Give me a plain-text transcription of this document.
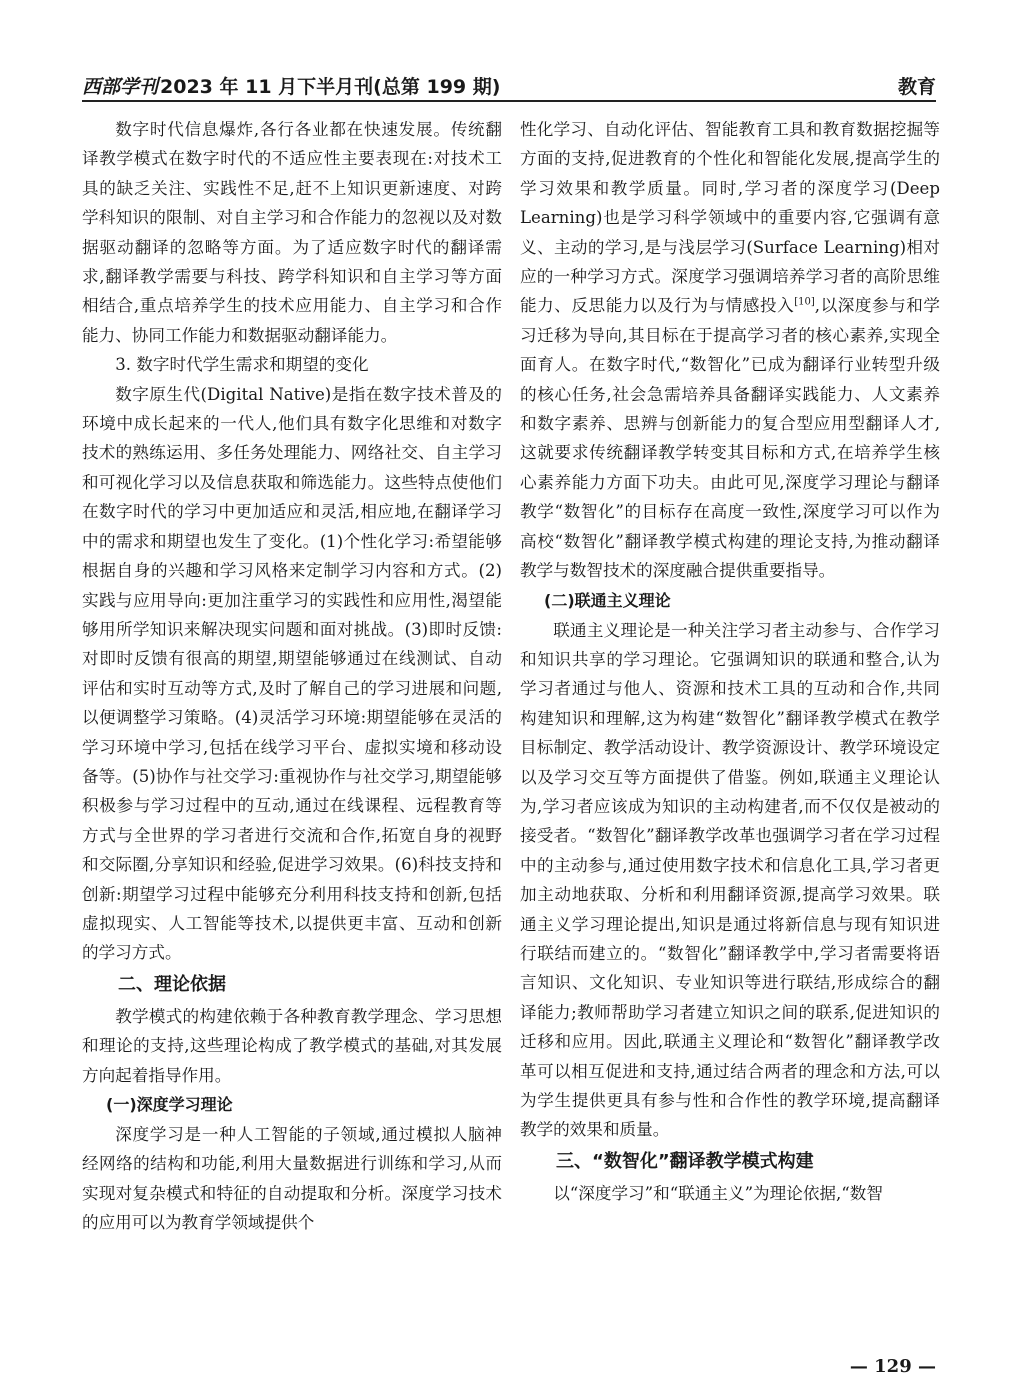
西部学刊 2023 年 11 月下半月刊(总第 199 期)	教育

数字时代信息爆炸,各行各业都在快速发展。传统翻译教学模式在数字时代的不适应性主要表现在:对技术工具的缺乏关注、实践性不足,赶不上知识更新速度、对跨学科知识的限制、对自主学习和合作能力的忽视以及对数据驱动翻译的忽略等方面。为了适应数字时代的翻译需求,翻译教学需要与科技、跨学科知识和自主学习等方面相结合,重点培养学生的技术应用能力、自主学习和合作能力、协同工作能力和数据驱动翻译能力。

3. 数字时代学生需求和期望的变化

数字原生代(Digital Native)是指在数字技术普及的环境中成长起来的一代人,他们具有数字化思维和对数字技术的熟练运用、多任务处理能力、网络社交、自主学习和可视化学习以及信息获取和筛选能力。这些特点使他们在数字时代的学习中更加适应和灵活,相应地,在翻译学习中的需求和期望也发生了变化。(1)个性化学习:希望能够根据自身的兴趣和学习风格来定制学习内容和方式。(2)实践与应用导向:更加注重学习的实践性和应用性,渴望能够用所学知识来解决现实问题和面对挑战。(3)即时反馈:对即时反馈有很高的期望,期望能够通过在线测试、自动评估和实时互动等方式,及时了解自己的学习进展和问题,以便调整学习策略。(4)灵活学习环境:期望能够在灵活的学习环境中学习,包括在线学习平台、虚拟实境和移动设备等。(5)协作与社交学习:重视协作与社交学习,期望能够积极参与学习过程中的互动,通过在线课程、远程教育等方式与全世界的学习者进行交流和合作,拓宽自身的视野和交际圈,分享知识和经验,促进学习效果。(6)科技支持和创新:期望学习过程中能够充分利用科技支持和创新,包括虚拟现实、人工智能等技术,以提供更丰富、互动和创新的学习方式。

二、理论依据

教学模式的构建依赖于各种教育教学理念、学习思想和理论的支持,这些理论构成了教学模式的基础,对其发展方向起着指导作用。

(一)深度学习理论

深度学习是一种人工智能的子领域,通过模拟人脑神经网络的结构和功能,利用大量数据进行训练和学习,从而实现对复杂模式和特征的自动提取和分析。深度学习技术的应用可以为教育学领域提供个

性化学习、自动化评估、智能教育工具和教育数据挖掘等方面的支持,促进教育的个性化和智能化发展,提高学生的学习效果和教学质量。同时,学习者的深度学习(Deep Learning)也是学习科学领域中的重要内容,它强调有意义、主动的学习,是与浅层学习(Surface Learning)相对应的一种学习方式。深度学习强调培养学习者的高阶思维能力、反思能力以及行为与情感投入[10],以深度参与和学习迁移为导向,其目标在于提高学习者的核心素养,实现全面育人。在数字时代,“数智化”已成为翻译行业转型升级的核心任务,社会急需培养具备翻译实践能力、人文素养和数字素养、思辨与创新能力的复合型应用型翻译人才,这就要求传统翻译教学转变其目标和方式,在培养学生核心素养能力方面下功夫。由此可见,深度学习理论与翻译教学“数智化”的目标存在高度一致性,深度学习可以作为高校“数智化”翻译教学模式构建的理论支持,为推动翻译教学与数智技术的深度融合提供重要指导。

(二)联通主义理论

联通主义理论是一种关注学习者主动参与、合作学习和知识共享的学习理论。它强调知识的联通和整合,认为学习者通过与他人、资源和技术工具的互动和合作,共同构建知识和理解,这为构建“数智化”翻译教学模式在教学目标制定、教学活动设计、教学资源设计、教学环境设定以及学习交互等方面提供了借鉴。例如,联通主义理论认为,学习者应该成为知识的主动构建者,而不仅仅是被动的接受者。“数智化”翻译教学改革也强调学习者在学习过程中的主动参与,通过使用数字技术和信息化工具,学习者更加主动地获取、分析和利用翻译资源,提高学习效果。联通主义学习理论提出,知识是通过将新信息与现有知识进行联结而建立的。“数智化”翻译教学中,学习者需要将语言知识、文化知识、专业知识等进行联结,形成综合的翻译能力;教师帮助学习者建立知识之间的联系,促进知识的迁移和应用。因此,联通主义理论和“数智化”翻译教学改革可以相互促进和支持,通过结合两者的理念和方法,可以为学生提供更具有参与性和合作性的教学环境,提高翻译教学的效果和质量。

三、“数智化”翻译教学模式构建

以“深度学习”和“联通主义”为理论依据,“数智

— 129 —
